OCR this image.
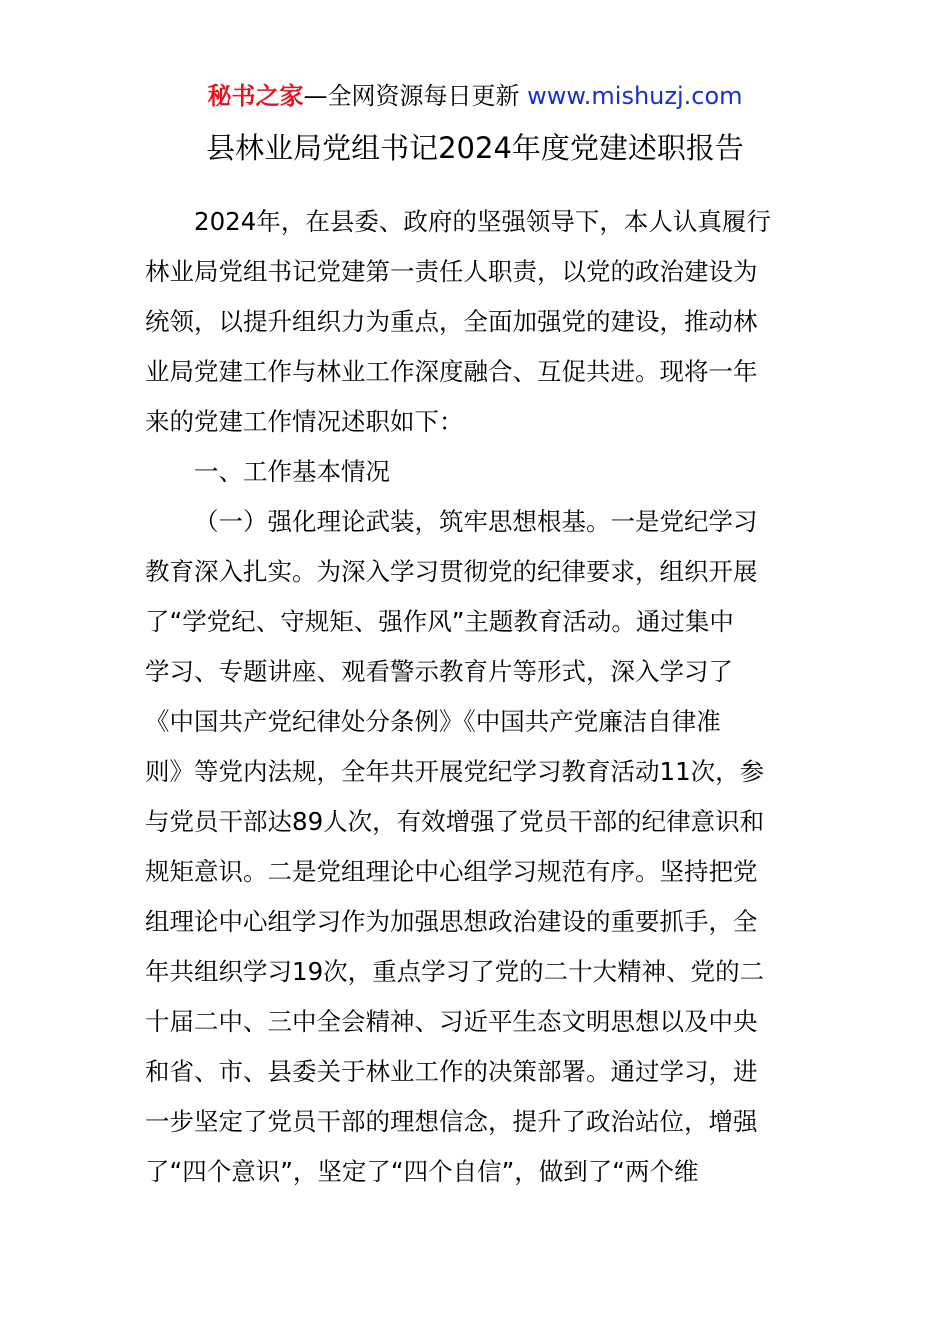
秘书之家—全网资源每日更新 www.mishuzj.com
县林业局党组书记2024年度党建述职报告
2024年，在县委、政府的坚强领导下，本人认真履行
林业局党组书记党建第一责任人职责，以党的政治建设为
统领，以提升组织力为重点，全面加强党的建设，推动林
业局党建工作与林业工作深度融合、互促共进。现将一年
来的党建工作情况述职如下：
一、工作基本情况
（一）强化理论武装，筑牢思想根基。一是党纪学习
教育深入扎实。为深入学习贯彻党的纪律要求，组织开展
了“学党纪、守规矩、强作风”主题教育活动。通过集中
学习、专题讲座、观看警示教育片等形式，深入学习了
《中国共产党纪律处分条例》《中国共产党廉洁自律准
则》等党内法规，全年共开展党纪学习教育活动11次，参
与党员干部达89人次，有效增强了党员干部的纪律意识和
规矩意识。二是党组理论中心组学习规范有序。坚持把党
组理论中心组学习作为加强思想政治建设的重要抓手，全
年共组织学习19次，重点学习了党的二十大精神、党的二
十届二中、三中全会精神、习近平生态文明思想以及中央
和省、市、县委关于林业工作的决策部署。通过学习，进
一步坚定了党员干部的理想信念，提升了政治站位，增强
了“四个意识”，坚定了“四个自信”，做到了“两个维
